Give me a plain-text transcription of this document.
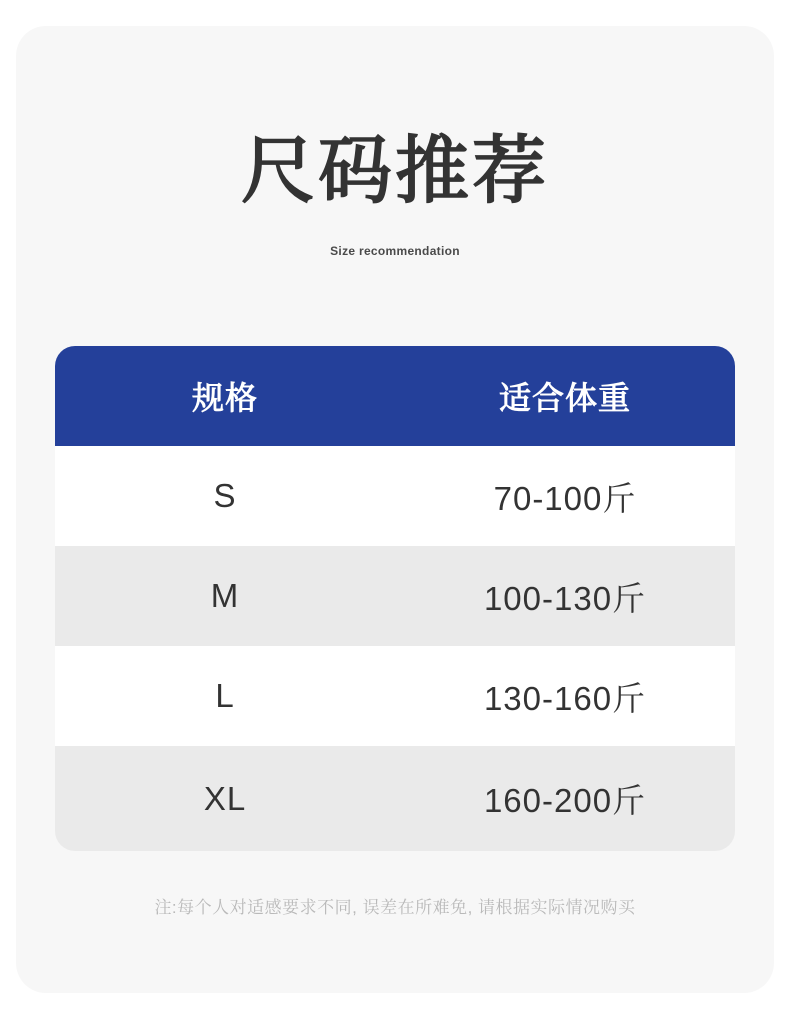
尺码推荐
Size recommendation
规格	适合体重
S	70-100斤
M	100-130斤
L	130-160斤
XL	160-200斤
注:每个人对适感要求不同, 误差在所难免, 请根据实际情况购买
